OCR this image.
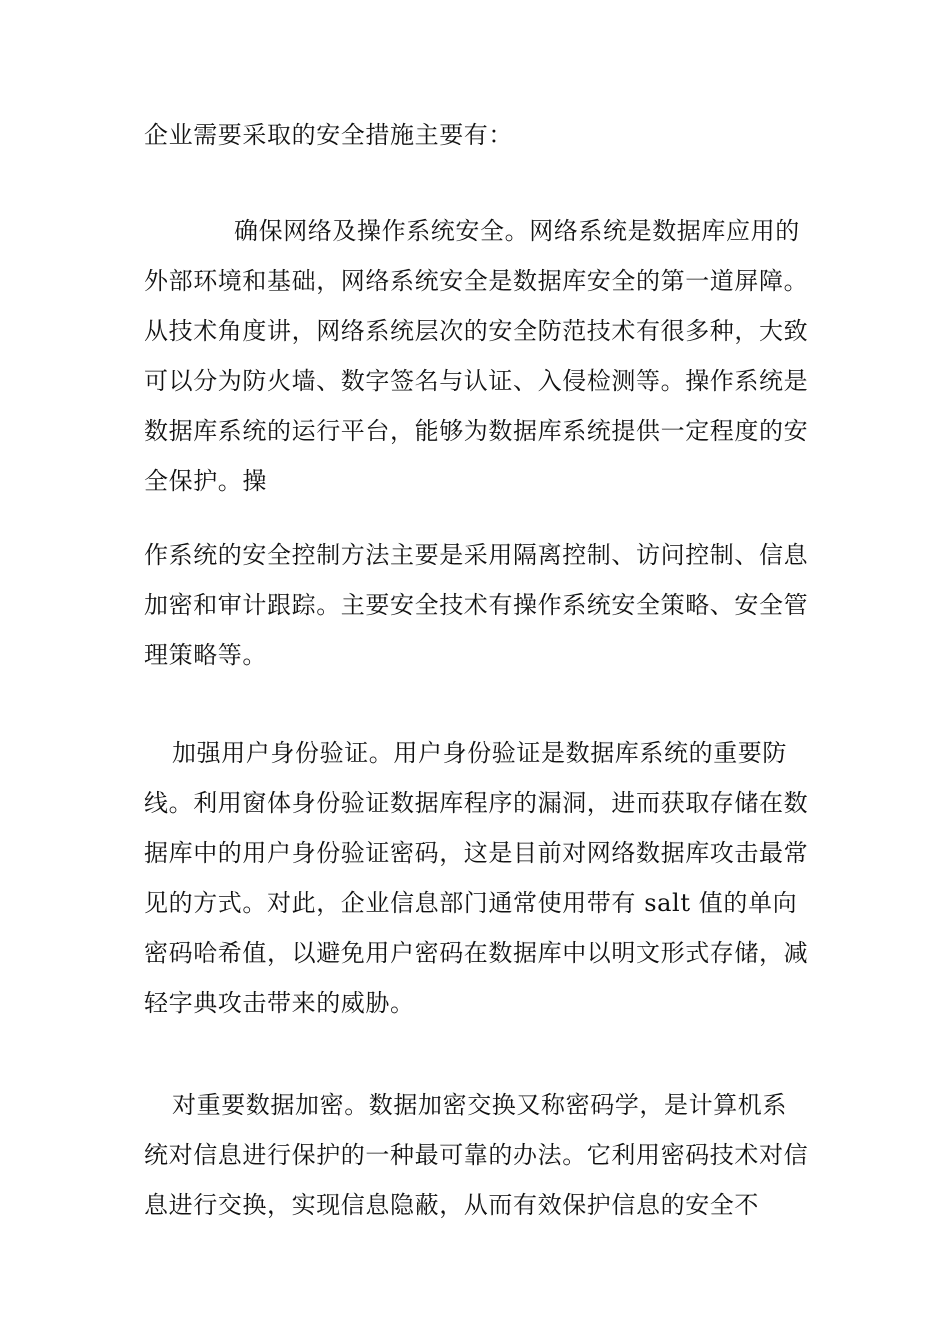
企业需要采取的安全措施主要有：

确保网络及操作系统安全。网络系统是数据库应用的外部环境和基础，网络系统安全是数据库安全的第一道屏障。从技术角度讲，网络系统层次的安全防范技术有很多种，大致可以分为防火墙、数字签名与认证、入侵检测等。操作系统是数据库系统的运行平台，能够为数据库系统提供一定程度的安全保护。操

作系统的安全控制方法主要是采用隔离控制、访问控制、信息加密和审计跟踪。主要安全技术有操作系统安全策略、安全管理策略等。

加强用户身份验证。用户身份验证是数据库系统的重要防线。利用窗体身份验证数据库程序的漏洞，进而获取存储在数据库中的用户身份验证密码，这是目前对网络数据库攻击最常见的方式。对此，企业信息部门通常使用带有 salt 值的单向密码哈希值，以避免用户密码在数据库中以明文形式存储，减轻字典攻击带来的威胁。

对重要数据加密。数据加密交换又称密码学，是计算机系统对信息进行保护的一种最可靠的办法。它利用密码技术对信息进行交换，实现信息隐蔽，从而有效保护信息的安全不
